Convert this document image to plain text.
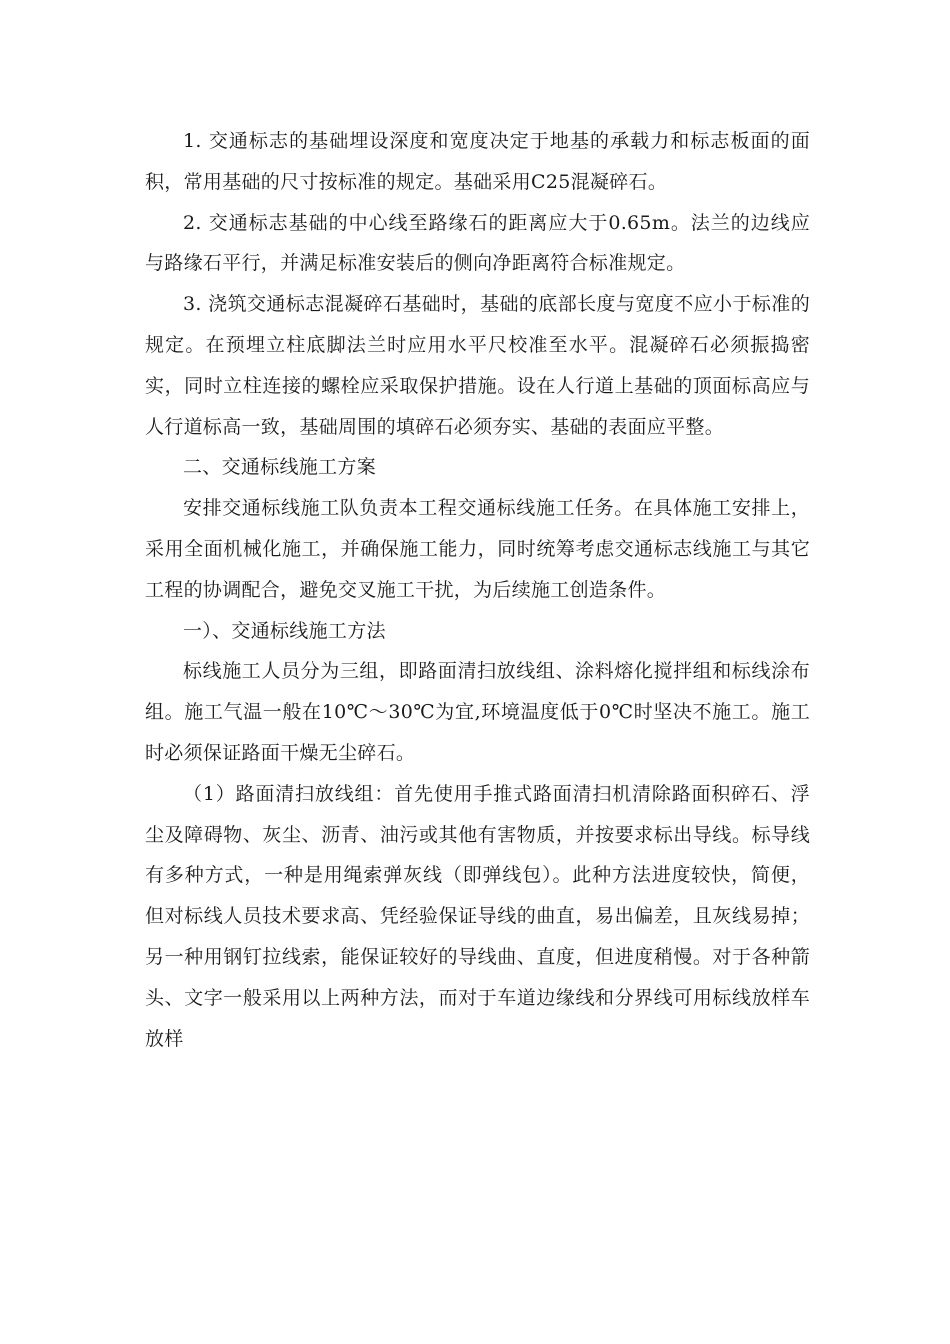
1. 交通标志的基础埋设深度和宽度决定于地基的承载力和标志板面的面积，常用基础的尺寸按标准的规定。基础采用C25混凝碎石。

2. 交通标志基础的中心线至路缘石的距离应大于0.65m。法兰的边线应与路缘石平行，并满足标准安装后的侧向净距离符合标准规定。

3. 浇筑交通标志混凝碎石基础时，基础的底部长度与宽度不应小于标准的规定。在预埋立柱底脚法兰时应用水平尺校准至水平。混凝碎石必须振捣密实，同时立柱连接的螺栓应采取保护措施。设在人行道上基础的顶面标高应与人行道标高一致，基础周围的填碎石必须夯实、基础的表面应平整。

二、交通标线施工方案

安排交通标线施工队负责本工程交通标线施工任务。在具体施工安排上，采用全面机械化施工，并确保施工能力，同时统筹考虑交通标志线施工与其它工程的协调配合，避免交叉施工干扰，为后续施工创造条件。

一）、交通标线施工方法

标线施工人员分为三组，即路面清扫放线组、涂料熔化搅拌组和标线涂布组。施工气温一般在10℃～30℃为宜,环境温度低于0℃时坚决不施工。施工时必须保证路面干燥无尘碎石。

（1）路面清扫放线组：首先使用手推式路面清扫机清除路面积碎石、浮尘及障碍物、灰尘、沥青、油污或其他有害物质，并按要求标出导线。标导线有多种方式，一种是用绳索弹灰线（即弹线包）。此种方法进度较快，简便，但对标线人员技术要求高、凭经验保证导线的曲直，易出偏差，且灰线易掉；另一种用钢钉拉线索，能保证较好的导线曲、直度，但进度稍慢。对于各种箭头、文字一般采用以上两种方法，而对于车道边缘线和分界线可用标线放样车放样
